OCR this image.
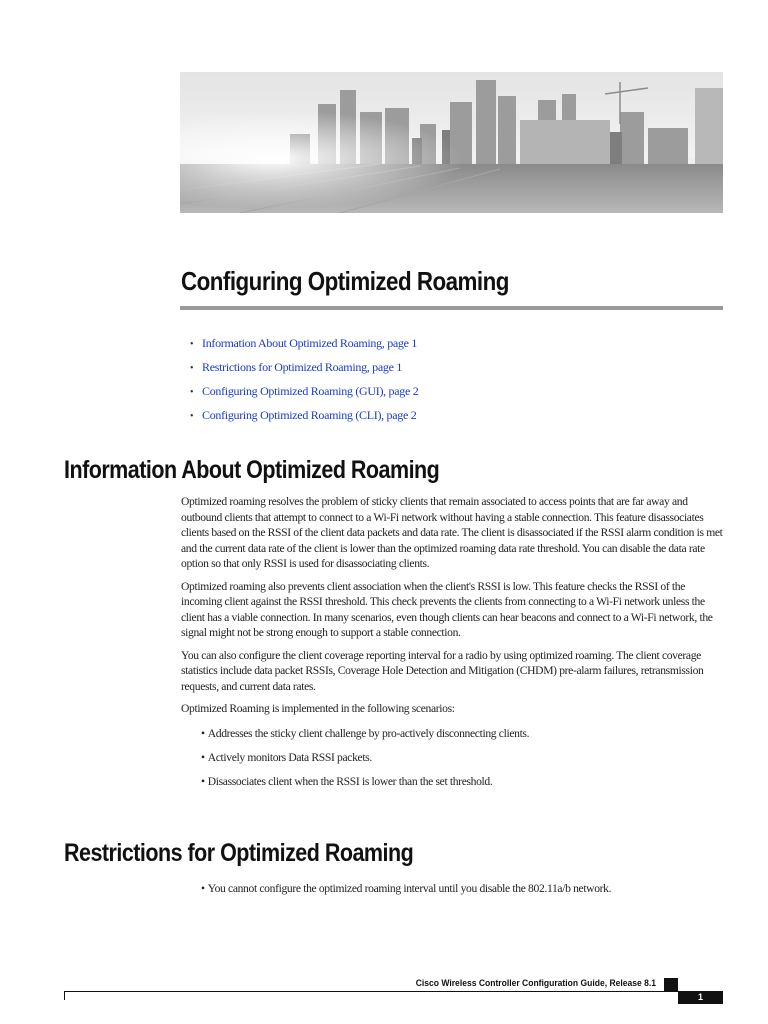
Configuring Optimized Roaming
• Information About Optimized Roaming, page 1
• Restrictions for Optimized Roaming, page 1
• Configuring Optimized Roaming (GUI), page 2
• Configuring Optimized Roaming (CLI), page 2
Information About Optimized Roaming

Optimized roaming resolves the problem of sticky clients that remain associated to access points that are far away and outbound clients that attempt to connect to a Wi-Fi network without having a stable connection. This feature disassociates clients based on the RSSI of the client data packets and data rate. The client is disassociated if the RSSI alarm condition is met and the current data rate of the client is lower than the optimized roaming data rate threshold. You can disable the data rate option so that only RSSI is used for disassociating clients.

Optimized roaming also prevents client association when the client's RSSI is low. This feature checks the RSSI of the incoming client against the RSSI threshold. This check prevents the clients from connecting to a Wi-Fi network unless the client has a viable connection. In many scenarios, even though clients can hear beacons and connect to a Wi-Fi network, the signal might not be strong enough to support a stable connection.

You can also configure the client coverage reporting interval for a radio by using optimized roaming. The client coverage statistics include data packet RSSIs, Coverage Hole Detection and Mitigation (CHDM) pre-alarm failures, retransmission requests, and current data rates.

Optimized Roaming is implemented in the following scenarios:

• Addresses the sticky client challenge by pro-actively disconnecting clients.
• Actively monitors Data RSSI packets.
• Disassociates client when the RSSI is lower than the set threshold.
Restrictions for Optimized Roaming
• You cannot configure the optimized roaming interval until you disable the 802.11a/b network.
Cisco Wireless Controller Configuration Guide, Release 8.1
1
